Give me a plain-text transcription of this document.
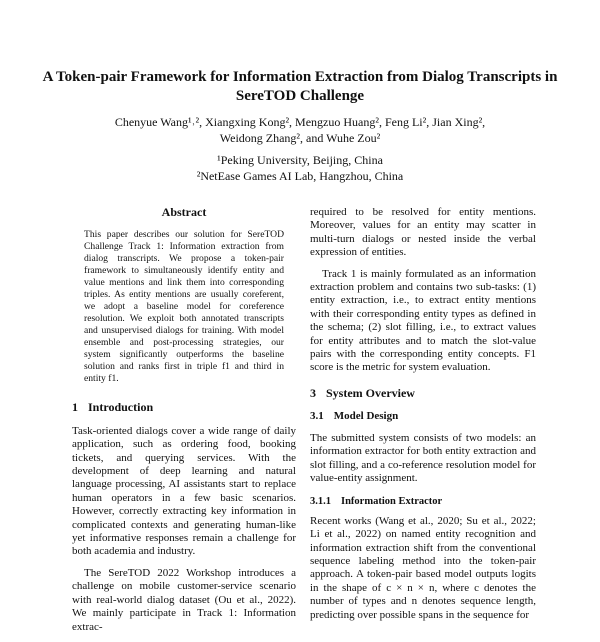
A Token-pair Framework for Information Extraction from Dialog Transcripts in SereTOD Challenge
Chenyue Wang¹˒², Xiangxing Kong², Mengzuo Huang², Feng Li², Jian Xing²,
Weidong Zhang², and Wuhe Zou²
¹Peking University, Beijing, China
²NetEase Games AI Lab, Hangzhou, China
Abstract
This paper describes our solution for SereTOD Challenge Track 1: Information extraction from dialog transcripts. We propose a token-pair framework to simultaneously identify entity and value mentions and link them into corresponding triples. As entity mentions are usually coreferent, we adopt a baseline model for coreference resolution. We exploit both annotated transcripts and unsupervised dialogs for training. With model ensemble and post-processing strategies, our system significantly outperforms the baseline solution and ranks first in triple f1 and third in entity f1.
1 Introduction

Task-oriented dialogs cover a wide range of daily application, such as ordering food, booking tickets, and querying services. With the development of deep learning and natural language processing, AI assistants start to replace human operators in a few basic scenarios. However, correctly extracting key information in complicated contexts and generating human-like yet informative responses remain a challenge for both academia and industry.

The SereTOD 2022 Workshop introduces a challenge on mobile customer-service scenario with real-world dialog dataset (Ou et al., 2022). We mainly participate in Track 1: Information extrac-

required to be resolved for entity mentions. Moreover, values for an entity may scatter in multi-turn dialogs or nested inside the verbal expression of entities.

Track 1 is mainly formulated as an information extraction problem and contains two sub-tasks: (1) entity extraction, i.e., to extract entity mentions with their corresponding entity types as defined in the schema; (2) slot filling, i.e., to extract values for entity attributes and to match the slot-value pairs with the corresponding entity concepts. F1 score is the metric for system evaluation.

3 System Overview
3.1 Model Design

The submitted system consists of two models: an information extractor for both entity extraction and slot filling, and a co-reference resolution model for value-entity assignment.

3.1.1 Information Extractor

Recent works (Wang et al., 2020; Su et al., 2022; Li et al., 2022) on named entity recognition and information extraction shift from the conventional sequence labeling method into the token-pair approach. A token-pair based model outputs logits in the shape of c × n × n, where c denotes the number of types and n denotes sequence length, predicting over possible spans in the sequence for
